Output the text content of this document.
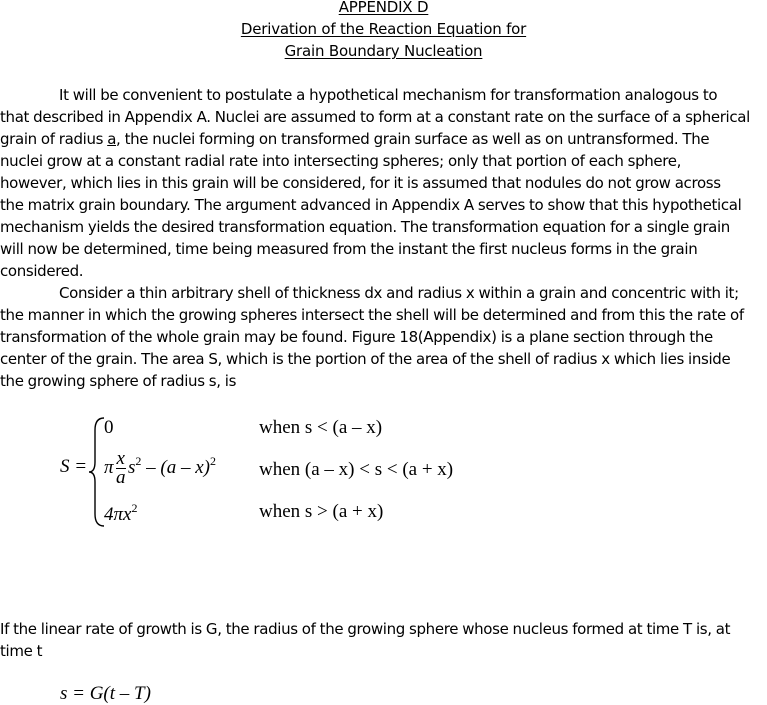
APPENDIX D
Derivation of the Reaction Equation for
Grain Boundary Nucleation
It will be convenient to postulate a hypothetical mechanism for transformation analogous to
that described in Appendix A. Nuclei are assumed to form at a constant rate on the surface of a spherical
grain of radius a, the nuclei forming on transformed grain surface as well as on untransformed. The
nuclei grow at a constant radial rate into intersecting spheres; only that portion of each sphere,
however, which lies in this grain will be considered, for it is assumed that nodules do not grow across
the matrix grain boundary. The argument advanced in Appendix A serves to show that this hypothetical
mechanism yields the desired transformation equation. The transformation equation for a single grain
will now be determined, time being measured from the instant the first nucleus forms in the grain
considered.
Consider a thin arbitrary shell of thickness dx and radius x within a grain and concentric with it;
the manner in which the growing spheres intersect the shell will be determined and from this the rate of
transformation of the whole grain may be found. Figure 18(Appendix) is a plane section through the
center of the grain. The area S, which is the portion of the area of the shell of radius x which lies inside
the growing sphere of radius s, is
S =
0	when s < (a – x)
π $\frac{x}{a} s^2 - (a - x)^2$ when (a – x) < s < (a + x)
$4\pi x^2$	when s > (a + x)
If the linear rate of growth is G, the radius of the growing sphere whose nucleus formed at time T is, at
time t
s = G(t – T)
